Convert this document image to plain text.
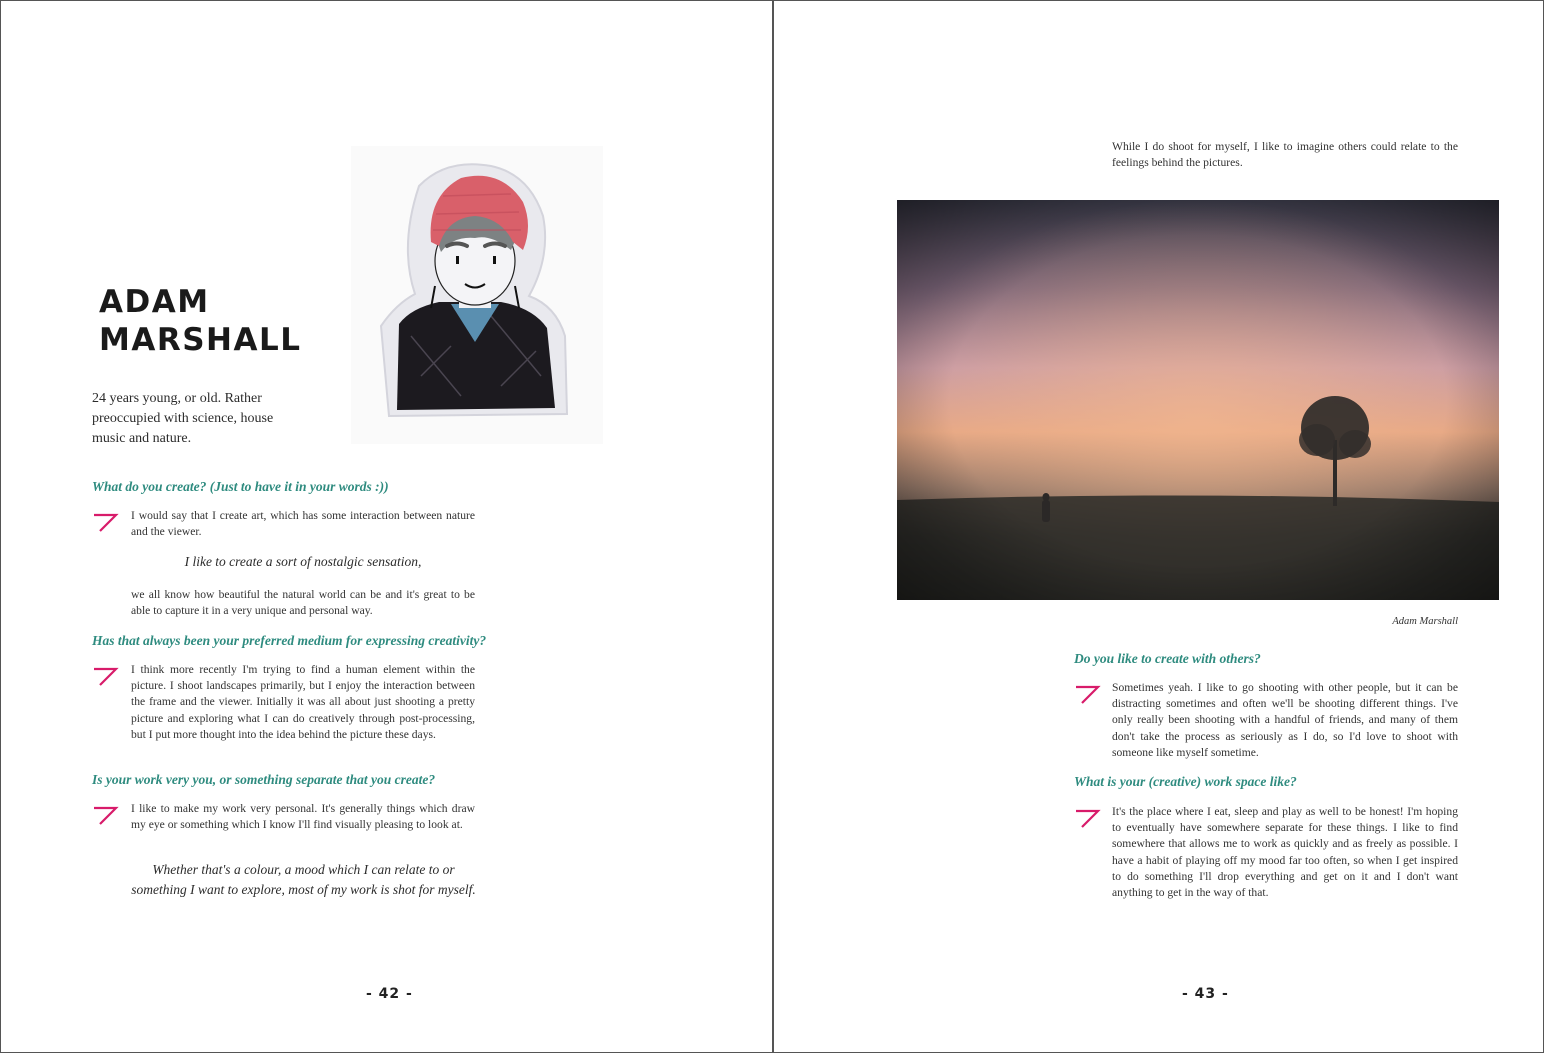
ADAM
MARSHALL
24 years young, or old. Rather preoccupied with science, house music and nature.
What do you create? (Just to have it in your words :))
I would say that I create art, which has some interaction between nature and the viewer.
I like to create a sort of nostalgic sensation,
we all know how beautiful the natural world can be and it's great to be able to capture it in a very unique and personal way.
Has that always been your preferred medium for expressing creativity?
I think more recently I'm trying to find a human element within the picture. I shoot landscapes primarily, but I enjoy the interaction between the frame and the viewer. Initially it was all about just shooting a pretty picture and exploring what I can do creatively through post-processing, but I put more thought into the idea behind the picture these days.
Is your work very you, or something separate that you create?
I like to make my work very personal. It's generally things which draw my eye or something which I know I'll find visually pleasing to look at.
Whether that's a colour, a mood which I can relate to or something I want to explore, most of my work is shot for myself.

- 42 -

While I do shoot for myself, I like to imagine others could relate to the feelings behind the pictures.
Adam Marshall
Do you like to create with others?
Sometimes yeah. I like to go shooting with other people, but it can be distracting sometimes and often we'll be shooting different things. I've only really been shooting with a handful of friends, and many of them don't take the process as seriously as I do, so I'd love to shoot with someone like myself sometime.
What is your (creative) work space like?
It's the place where I eat, sleep and play as well to be honest! I'm hoping to eventually have somewhere separate for these things. I like to find somewhere that allows me to work as quickly and as freely as possible. I have a habit of playing off my mood far too often, so when I get inspired to do something I'll drop everything and get on it and I don't want anything to get in the way of that.

- 43 -
